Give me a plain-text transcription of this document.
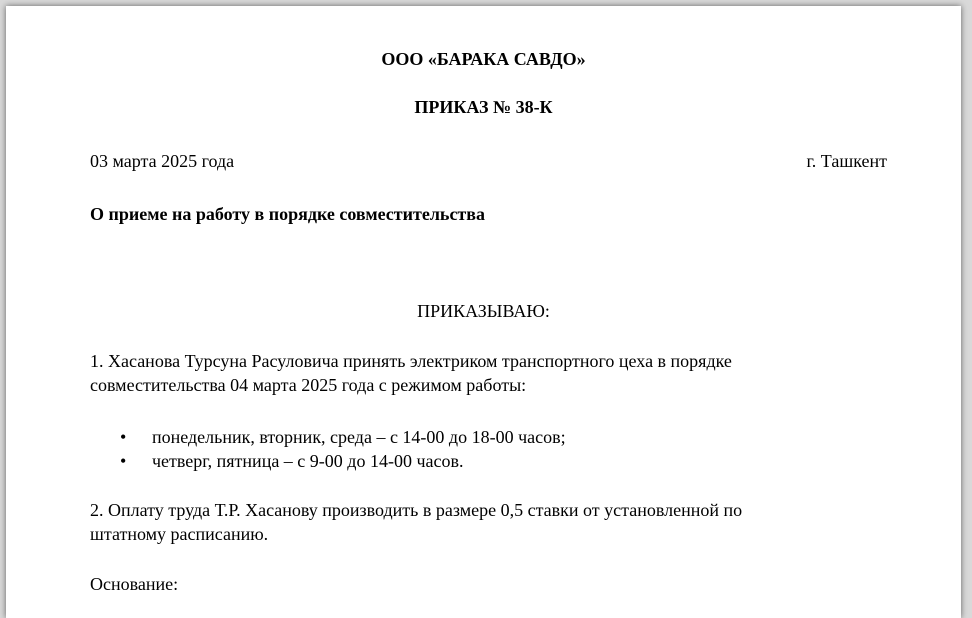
ООО «БАРАКА САВДО»
ПРИКАЗ № 38-К
03 марта 2025 года	г. Ташкент
О приеме на работу в порядке совместительства
ПРИКАЗЫВАЮ:
1. Хасанова Турсуна Расуловича принять электриком транспортного цеха в порядке
совместительства 04 марта 2025 года с режимом работы:
• понедельник, вторник, среда – с 14-00 до 18-00 часов;
• четверг, пятница – с 9-00 до 14-00 часов.
2. Оплату труда Т.Р. Хасанову производить в размере 0,5 ставки от установленной по
штатному расписанию.
Основание:
